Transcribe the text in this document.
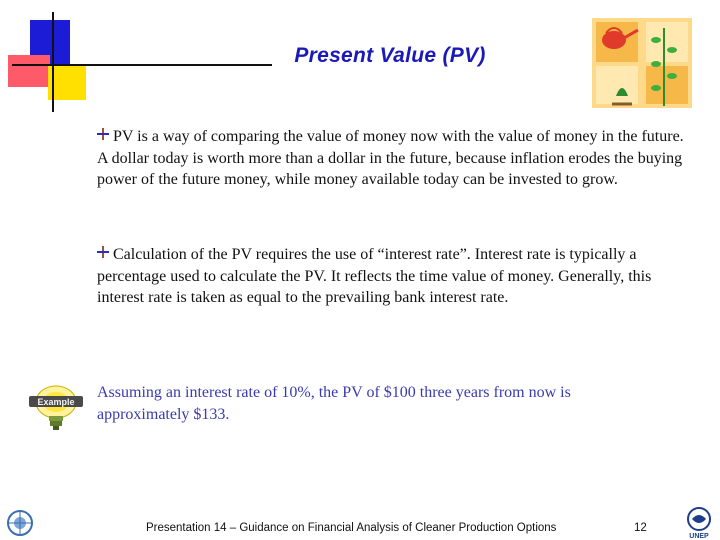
Present Value (PV)
PV is a way of comparing the value of money now with the value of money in the future. A dollar today is worth more than a dollar in the future, because inflation erodes the buying power of the future money, while money available today can be invested to grow.
Calculation of the PV requires the use of “interest rate”. Interest rate is typically a percentage used to calculate the PV. It reflects the time value of money. Generally, this interest rate is taken as equal to the prevailing bank interest rate.
Example
Assuming an interest rate of 10%, the PV of $100 three years from now is approximately $133.
Presentation 14 – Guidance on Financial Analysis of Cleaner Production Options	12
UNEP
